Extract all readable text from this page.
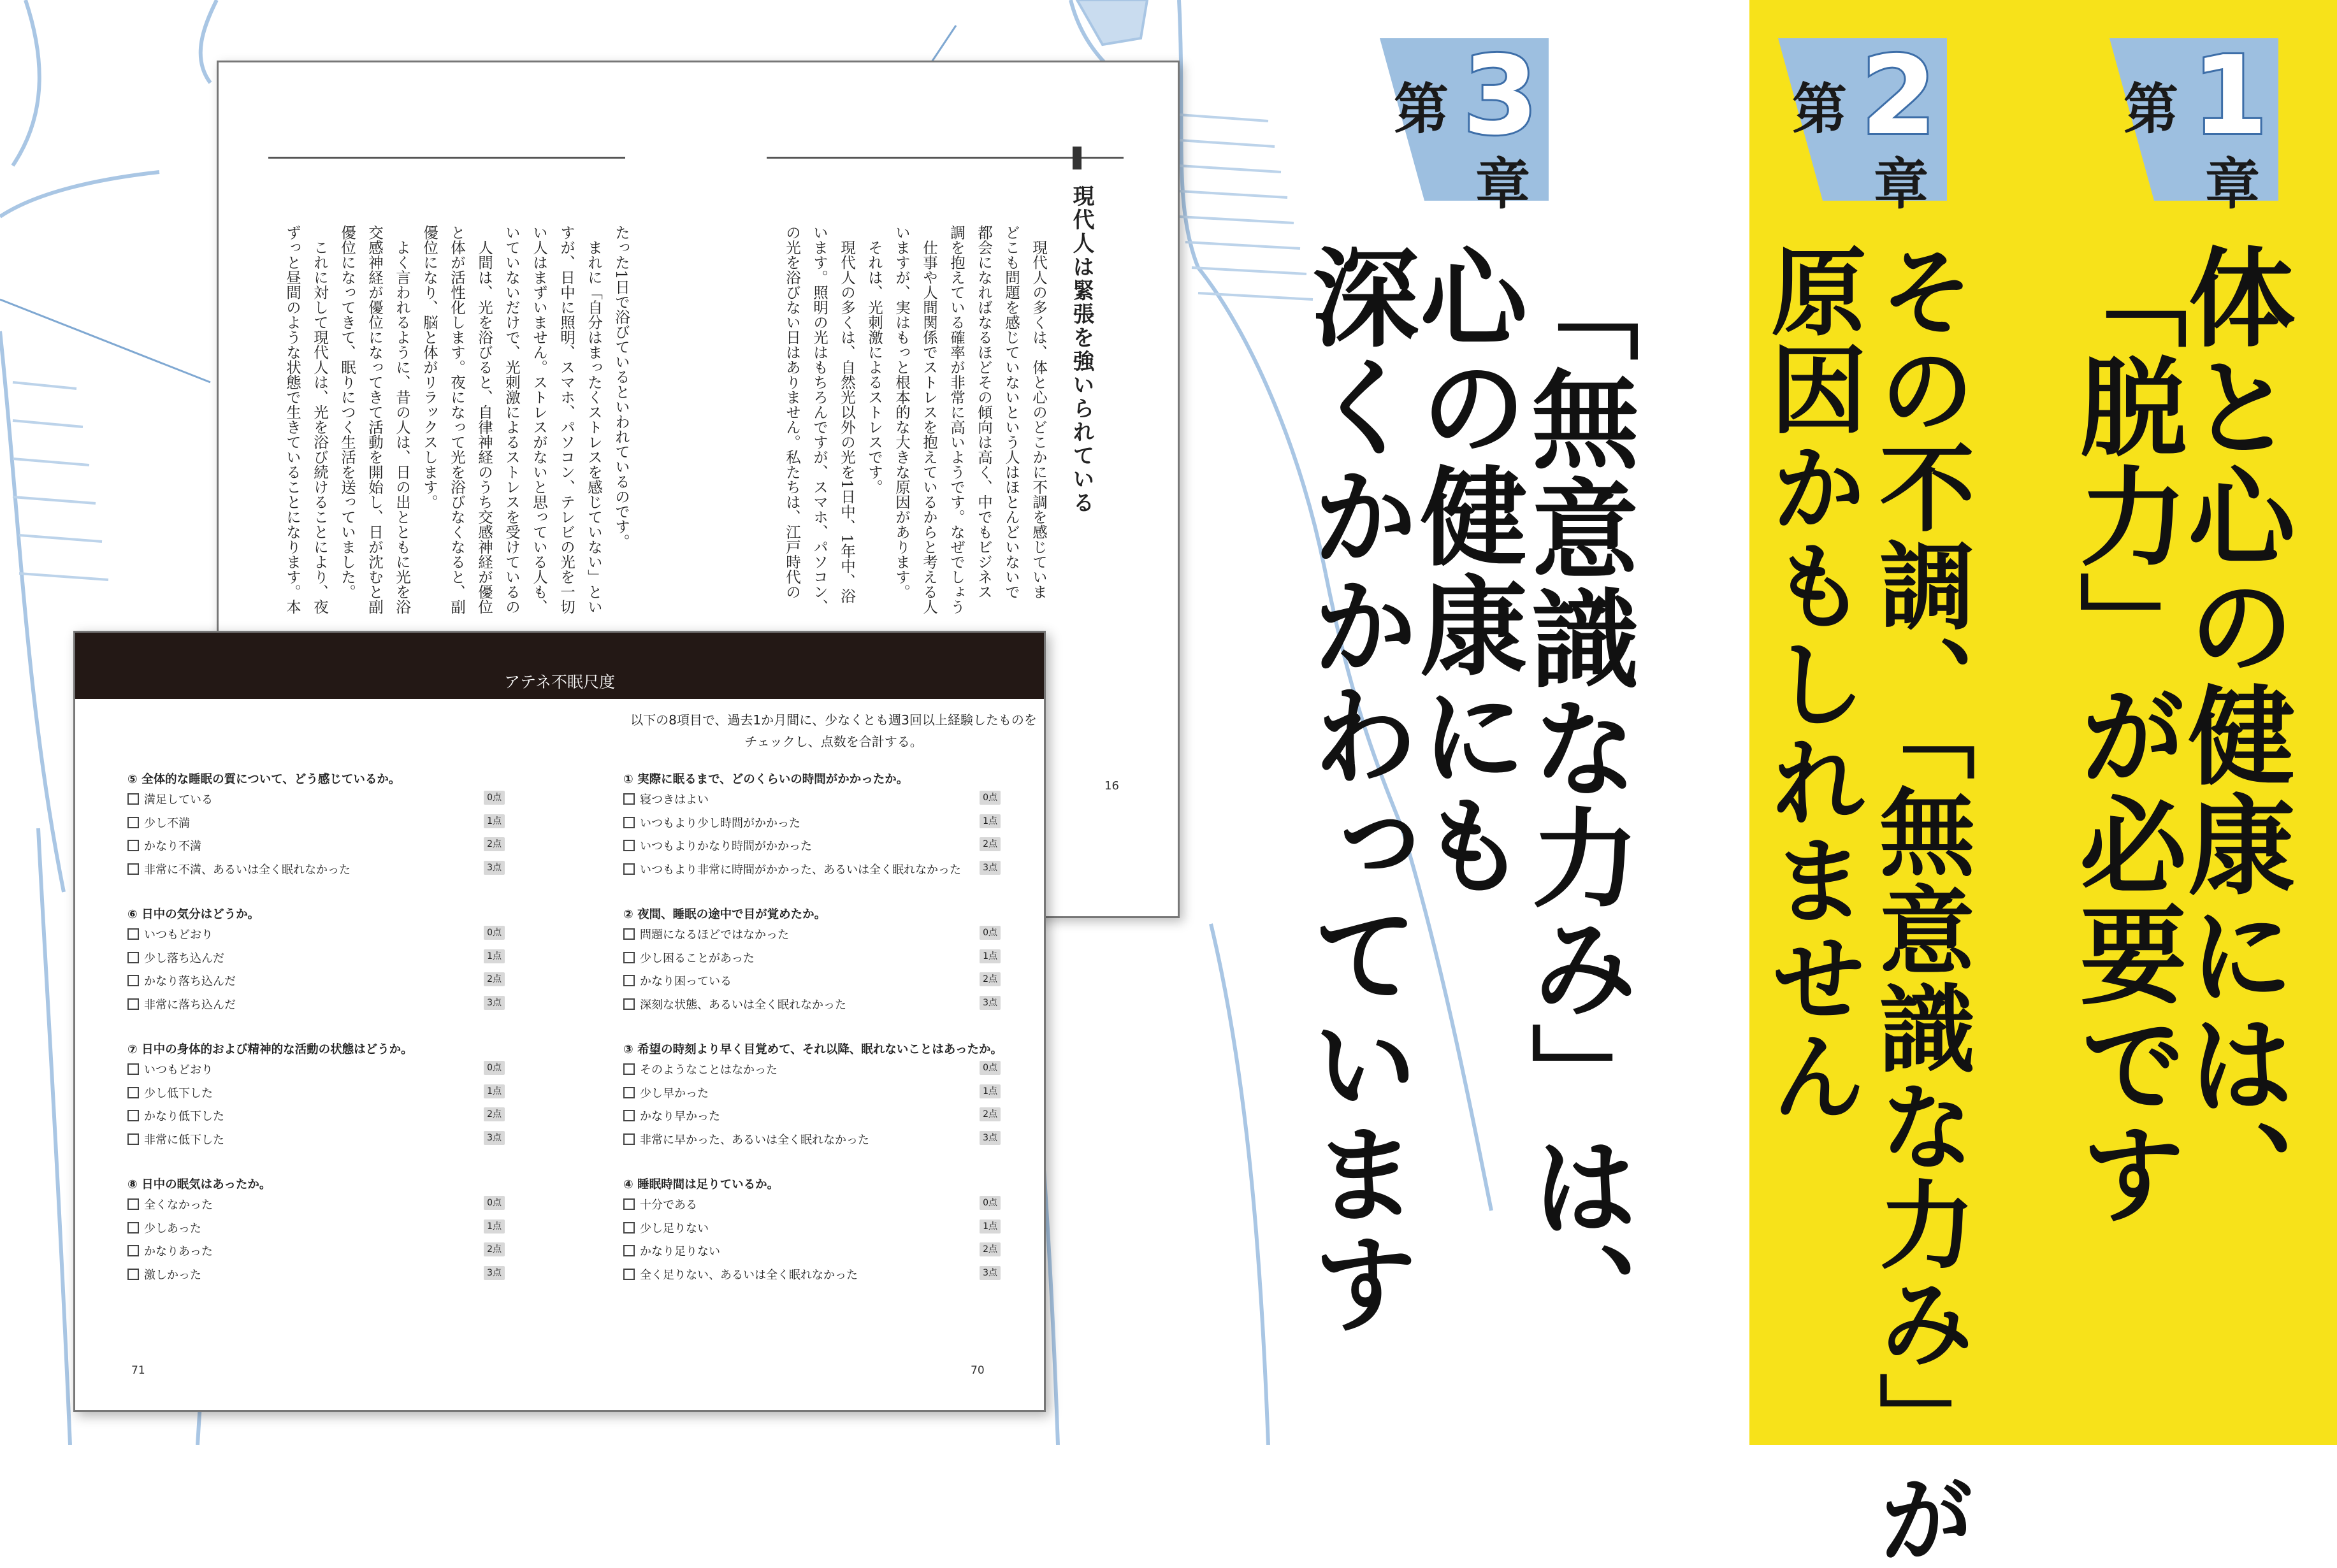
第 1
章
第 2
章
第 3
章
体と心の健康には、
「脱力」が必要です
その不調、「無意識な力み」が
原因かもしれません
「無意識な力み」は、
心の健康にも
深くかかわっています
現代人は緊張を強いられている
　現代人の多くは、体と心のどこかに不調を感じていま
どこも問題を感じていないという人はほとんどいないで
都会になればなるほどその傾向は高く、中でもビジネス
調を抱えている確率が非常に高いようです。なぜでしょう
　仕事や人間関係でストレスを抱えているからと考える人
いますが、実はもっと根本的な大きな原因があります。
　それは、光刺激によるストレスです。
　現代人の多くは、自然光以外の光を1日中、1年中、浴
います。照明の光はもちろんですが、スマホ、パソコン、
の光を浴びない日はありません。私たちは、江戸時代の
たった1日で浴びているといわれているのです。
　まれに「自分はまったくストレスを感じていない」とい
すが、日中に照明、スマホ、パソコン、テレビの光を一切
い人はまずいません。ストレスがないと思っている人も、
いていないだけで、光刺激によるストレスを受けているの
　人間は、光を浴びると、自律神経のうち交感神経が優位
と体が活性化します。夜になって光を浴びなくなると、副
優位になり、脳と体がリラックスします。
　よく言われるように、昔の人は、日の出とともに光を浴
交感神経が優位になってきて活動を開始し、日が沈むと副
優位になってきて、眠りにつく生活を送っていました。
　これに対して現代人は、光を浴び続けることにより、夜
ずっと昼間のような状態で生きていることになります。本
16
アテネ不眠尺度
以下の8項目で、過去1か月間に、少なくとも週3回以上経験したものをチェックし、点数を合計する。
⑤ 全体的な睡眠の質について、どう感じているか。
満足している	0点
少し不満	1点
かなり不満	2点
非常に不満、あるいは全く眠れなかった	3点
⑥ 日中の気分はどうか。
いつもどおり	0点
少し落ち込んだ	1点
かなり落ち込んだ	2点
非常に落ち込んだ	3点
⑦ 日中の身体的および精神的な活動の状態はどうか。
いつもどおり	0点
少し低下した	1点
かなり低下した	2点
非常に低下した	3点
⑧ 日中の眠気はあったか。
全くなかった	0点
少しあった	1点
かなりあった	2点
激しかった	3点
① 実際に眠るまで、どのくらいの時間がかかったか。
寝つきはよい	0点
いつもより少し時間がかかった	1点
いつもよりかなり時間がかかった	2点
いつもより非常に時間がかかった、あるいは全く眠れなかった	3点
② 夜間、睡眠の途中で目が覚めたか。
問題になるほどではなかった	0点
少し困ることがあった	1点
かなり困っている	2点
深刻な状態、あるいは全く眠れなかった	3点
③ 希望の時刻より早く目覚めて、それ以降、眠れないことはあったか。
そのようなことはなかった	0点
少し早かった	1点
かなり早かった	2点
非常に早かった、あるいは全く眠れなかった	3点
④ 睡眠時間は足りているか。
十分である	0点
少し足りない	1点
かなり足りない	2点
全く足りない、あるいは全く眠れなかった	3点
71	70
